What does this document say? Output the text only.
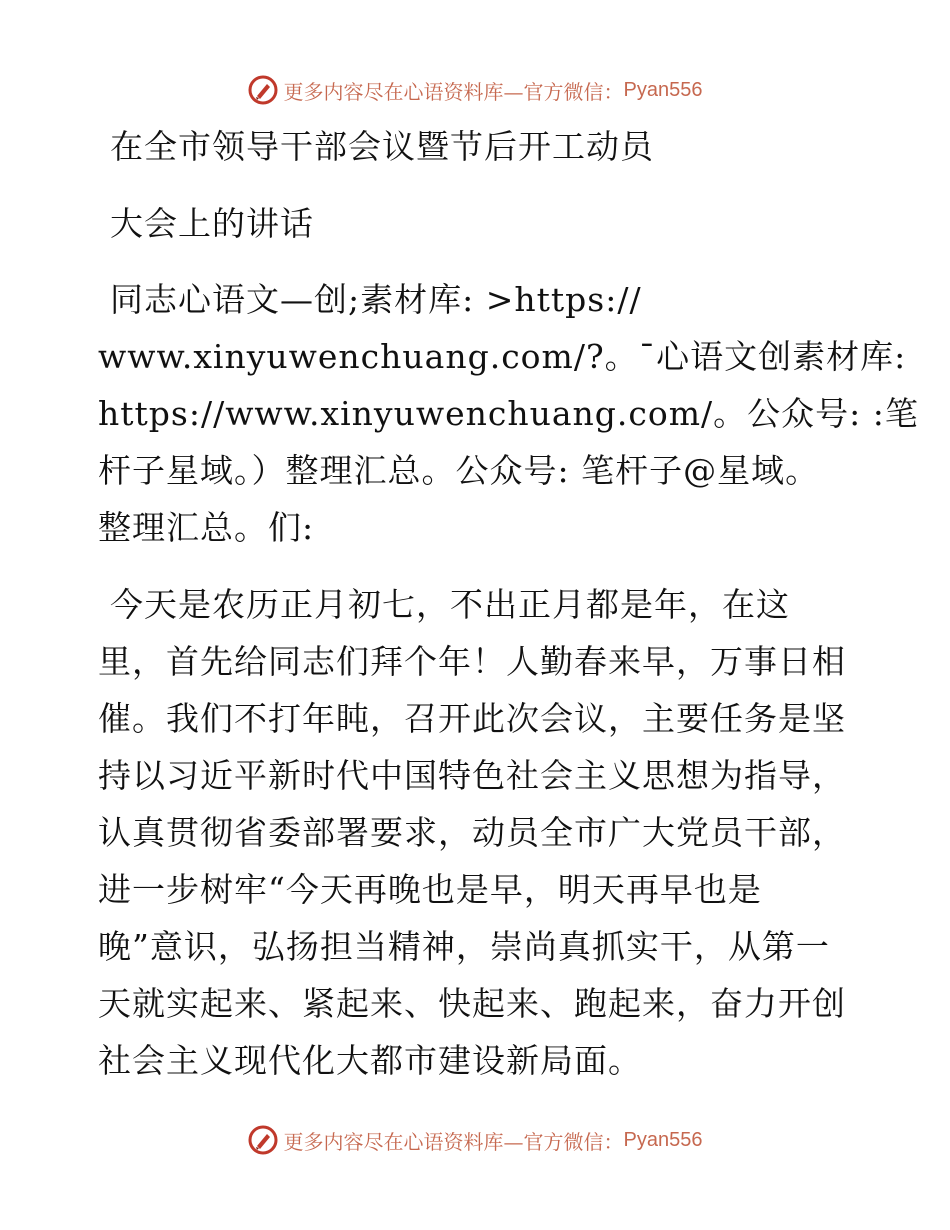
更多内容尽在心语资料库—官方微信： Pyan556
在全市领导干部会议暨节后开工动员
大会上的讲话
同志心语文—创;素材库: >https://
www.xinyuwenchuang.com/?。¯心语文创素材库:
https://www.xinyuwenchuang.com/。公众号: :笔
杆子星域。）整理汇总。公众号: 笔杆子@星域。
整理汇总。们:
今天是农历正月初七，不出正月都是年，在这
里，首先给同志们拜个年！人勤春来早，万事日相
催。我们不打年盹，召开此次会议，主要任务是坚
持以习近平新时代中国特色社会主义思想为指导，
认真贯彻省委部署要求，动员全市广大党员干部，
进一步树牢“今天再晚也是早，明天再早也是
晚”意识，弘扬担当精神，崇尚真抓实干，从第一
天就实起来、紧起来、快起来、跑起来，奋力开创
社会主义现代化大都市建设新局面。
更多内容尽在心语资料库—官方微信： Pyan556
